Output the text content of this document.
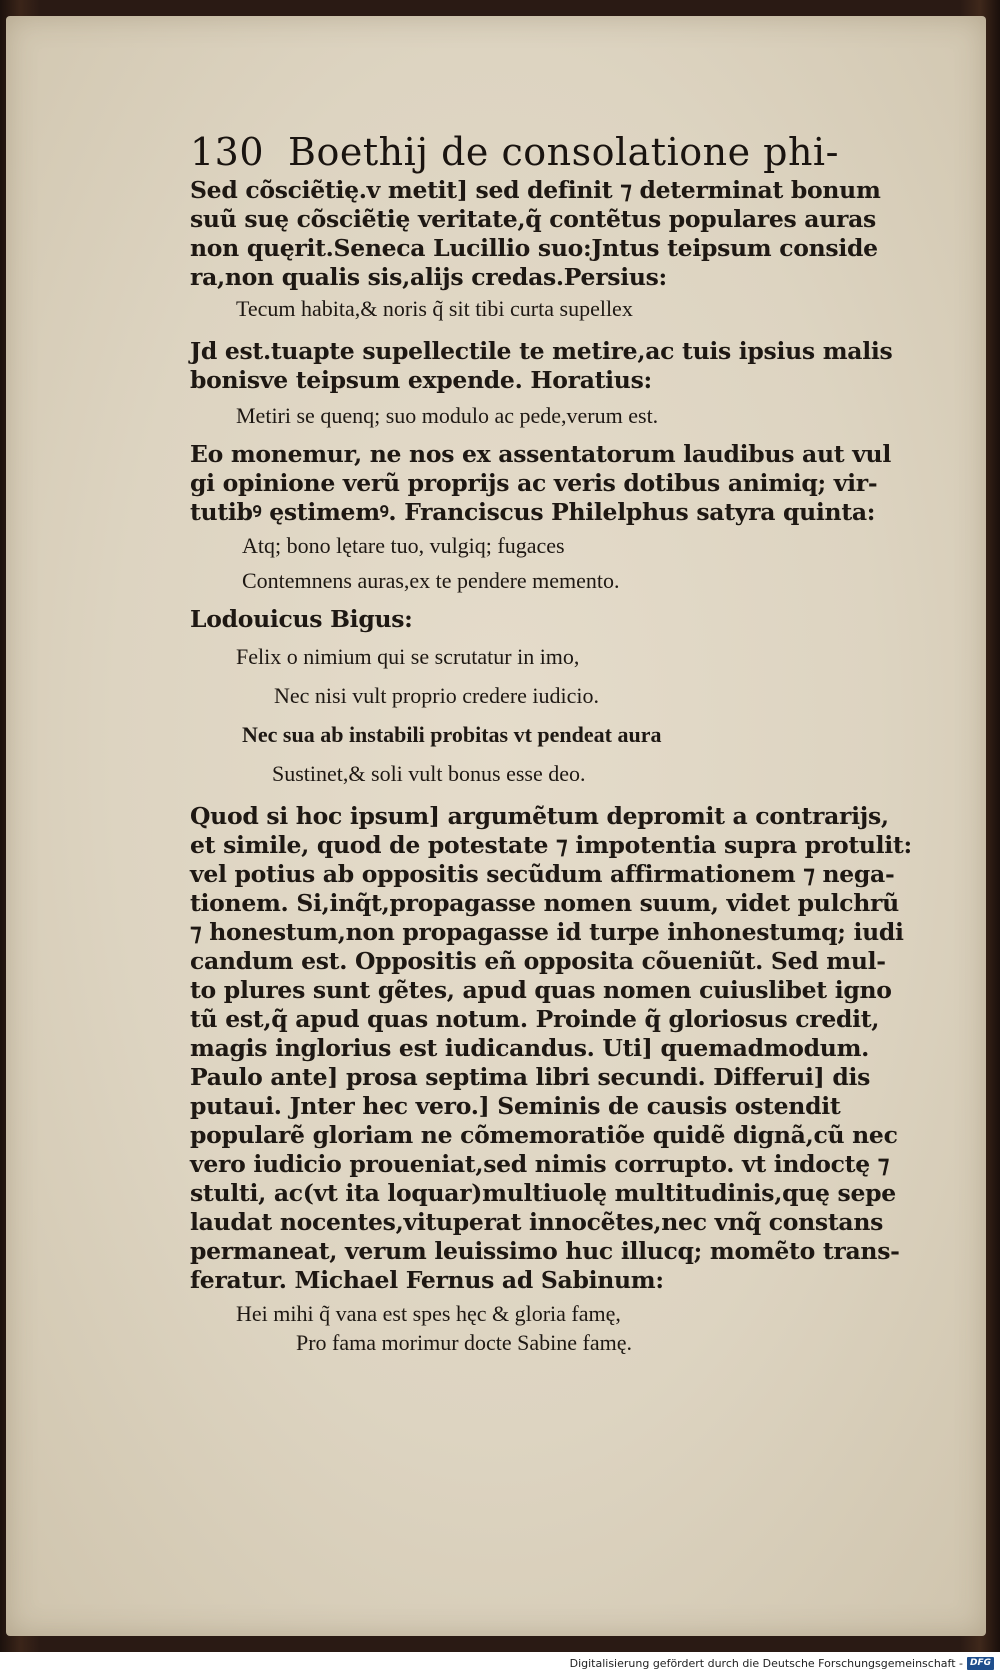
130 Boethij de consolatione phi-

Sed cõsciẽtię.v metit] sed definit ⁊ determinat bonum
suũ suę cõsciẽtię veritate,q̃ contẽtus populares auras
non quęrit.Seneca Lucillio suo:Jntus teipsum conside
ra,non qualis sis,alijs credas.Persius:

Tecum habita,& noris q̃ sit tibi curta supellex

Jd est.tuapte supellectile te metire,ac tuis ipsius malis
bonisve teipsum expende. Horatius:

Metiri se quenq; suo modulo ac pede,verum est.

Eo monemur, ne nos ex assentatorum laudibus aut vul
gi opinione verũ proprijs ac veris dotibus animiq; vir-
tutibꝰ ęstimemꝰ. Franciscus Philelphus satyra quinta:

Atq; bono lętare tuo, vulgiq; fugaces
Contemnens auras,ex te pendere memento.

Lodouicus Bigus:

Felix o nimium qui se scrutatur in imo,
Nec nisi vult proprio credere iudicio.
Nec sua ab instabili probitas vt pendeat aura
Sustinet,& soli vult bonus esse deo.

Quod si hoc ipsum] argumẽtum depromit a contrarijs,
et simile, quod de potestate ⁊ impotentia supra protulit:
vel potius ab oppositis secũdum affirmationem ⁊ nega-
tionem. Si,inq̃t,propagasse nomen suum, videt pulchrũ
⁊ honestum,non propagasse id turpe inhonestumq; iudi
candum est. Oppositis eñ opposita cõueniũt. Sed mul-
to plures sunt gẽtes, apud quas nomen cuiuslibet igno
tũ est,q̃ apud quas notum. Proinde q̃ gloriosus credit,
magis inglorius est iudicandus. Uti] quemadmodum.
Paulo ante] prosa septima libri secundi. Differui] dis
putaui. Jnter hec vero.] Seminis de causis ostendit
popularẽ gloriam ne cõmemoratiõe quidẽ dignã,cũ nec
vero iudicio proueniat,sed nimis corrupto. vt indoctę ⁊
stulti, ac(vt ita loquar)multiuolę multitudinis,quę sepe
laudat nocentes,vituperat innocẽtes,nec vnq̃ constans
permaneat, verum leuissimo huc illucq; momẽto trans-
feratur. Michael Fernus ad Sabinum:

Hei mihi q̃ vana est spes hęc & gloria famę,
Pro fama morimur docte Sabine famę.
Digitalisierung gefördert durch die Deutsche Forschungsgemeinschaft - DFG
